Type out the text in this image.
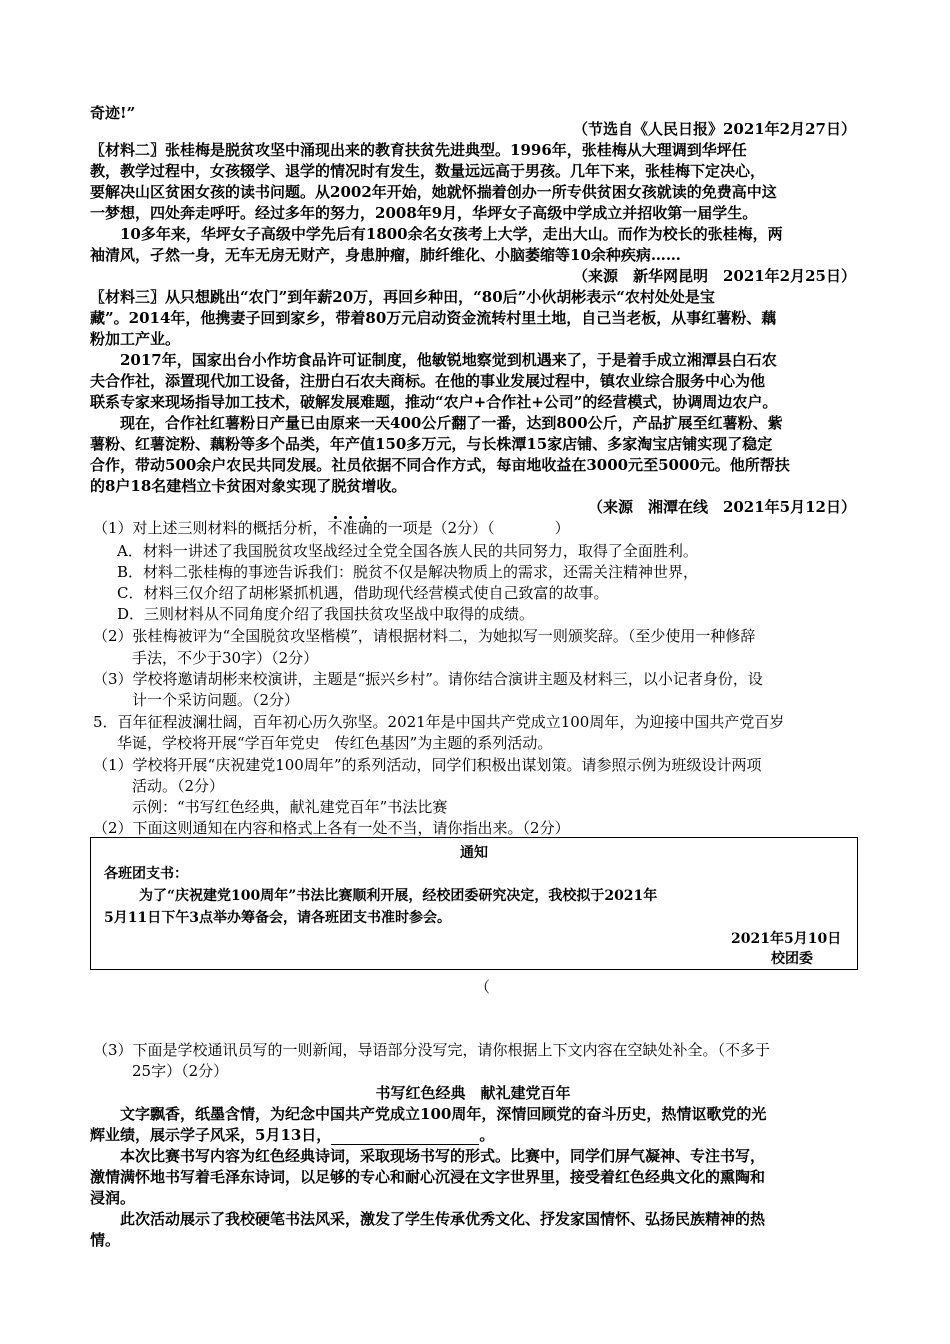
奇迹!”
（节选自《人民日报》2021年2月27日）
〖材料二〗张桂梅是脱贫攻坚中涌现出来的教育扶贫先进典型。1996年，张桂梅从大理调到华坪任
教，教学过程中，女孩辍学、退学的情况时有发生，数量远远高于男孩。几年下来，张桂梅下定决心，
要解决山区贫困女孩的读书问题。从2002年开始，她就怀揣着创办一所专供贫困女孩就读的免费高中这
一梦想，四处奔走呼吁。经过多年的努力，2008年9月，华坪女子高级中学成立并招收第一届学生。
10多年来，华坪女子高级中学先后有1800余名女孩考上大学，走出大山。而作为校长的张桂梅，两
袖清风，孑然一身，无车无房无财产，身患肿瘤，肺纤维化、小脑萎缩等10余种疾病……
（来源　新华网昆明　2021年2月25日）
〖材料三〗从只想跳出“农门”到年薪20万，再回乡种田，“80后”小伙胡彬表示“农村处处是宝
藏”。2014年，他携妻子回到家乡，带着80万元启动资金流转村里土地，自己当老板，从事红薯粉、藕
粉加工产业。
2017年，国家出台小作坊食品许可证制度，他敏锐地察觉到机遇来了，于是着手成立湘潭县白石农
夫合作社，添置现代加工设备，注册白石农夫商标。在他的事业发展过程中，镇农业综合服务中心为他
联系专家来现场指导加工技术，破解发展难题，推动“农户+合作社+公司”的经营模式，协调周边农户。
现在，合作社红薯粉日产量已由原来一天400公斤翻了一番，达到800公斤，产品扩展至红薯粉、紫
薯粉、红薯淀粉、藕粉等多个品类，年产值150多万元，与长株潭15家店铺、多家淘宝店铺实现了稳定
合作，带动500余户农民共同发展。社员依据不同合作方式，每亩地收益在3000元至5000元。他所帮扶
的8户18名建档立卡贫困对象实现了脱贫增收。
（来源　湘潭在线　2021年5月12日）
（1）对上述三则材料的概括分析，不准确的一项是（2分）（　　　　）
A．材料一讲述了我国脱贫攻坚战经过全党全国各族人民的共同努力，取得了全面胜利。
B．材料二张桂梅的事迹告诉我们：脱贫不仅是解决物质上的需求，还需关注精神世界，
C．材料三仅介绍了胡彬紧抓机遇，借助现代经营模式使自己致富的故事。
D．三则材料从不同角度介绍了我国扶贫攻坚战中取得的成绩。
（2）张桂梅被评为“全国脱贫攻坚楷模”，请根据材料二，为她拟写一则颁奖辞。（至少使用一种修辞
手法，不少于30字）（2分）
（3）学校将邀请胡彬来校演讲，主题是“振兴乡村”。请你结合演讲主题及材料三，以小记者身份，设
计一个采访问题。（2分）
5．百年征程波澜壮阔，百年初心历久弥坚。2021年是中国共产党成立100周年，为迎接中国共产党百岁
华诞，学校将开展“学百年党史　传红色基因”为主题的系列活动。
（1）学校将开展“庆祝建党100周年”的系列活动，同学们积极出谋划策。请参照示例为班级设计两项
活动。（2分）
示例：“书写红色经典，献礼建党百年”书法比赛
（2）下面这则通知在内容和格式上各有一处不当，请你指出来。（2分）
通知
各班团支书：
为了“庆祝建党100周年”书法比赛顺利开展，经校团委研究决定，我校拟于2021年
5月11日下午3点举办筹备会，请各班团支书准时参会。
2021年5月10日
校团委
（
（3）下面是学校通讯员写的一则新闻，导语部分没写完，请你根据上下文内容在空缺处补全。（不多于
25字）（2分）
书写红色经典　献礼建党百年
文字飘香，纸墨含情，为纪念中国共产党成立100周年，深情回顾党的奋斗历史，热情讴歌党的光
辉业绩，展示学子风采，5月13日，	。
本次比赛书写内容为红色经典诗词，采取现场书写的形式。比赛中，同学们屏气凝神、专注书写，
激情满怀地书写着毛泽东诗词，以足够的专心和耐心沉浸在文字世界里，接受着红色经典文化的熏陶和
浸润。
此次活动展示了我校硬笔书法风采，激发了学生传承优秀文化、抒发家国情怀、弘扬民族精神的热
情。
